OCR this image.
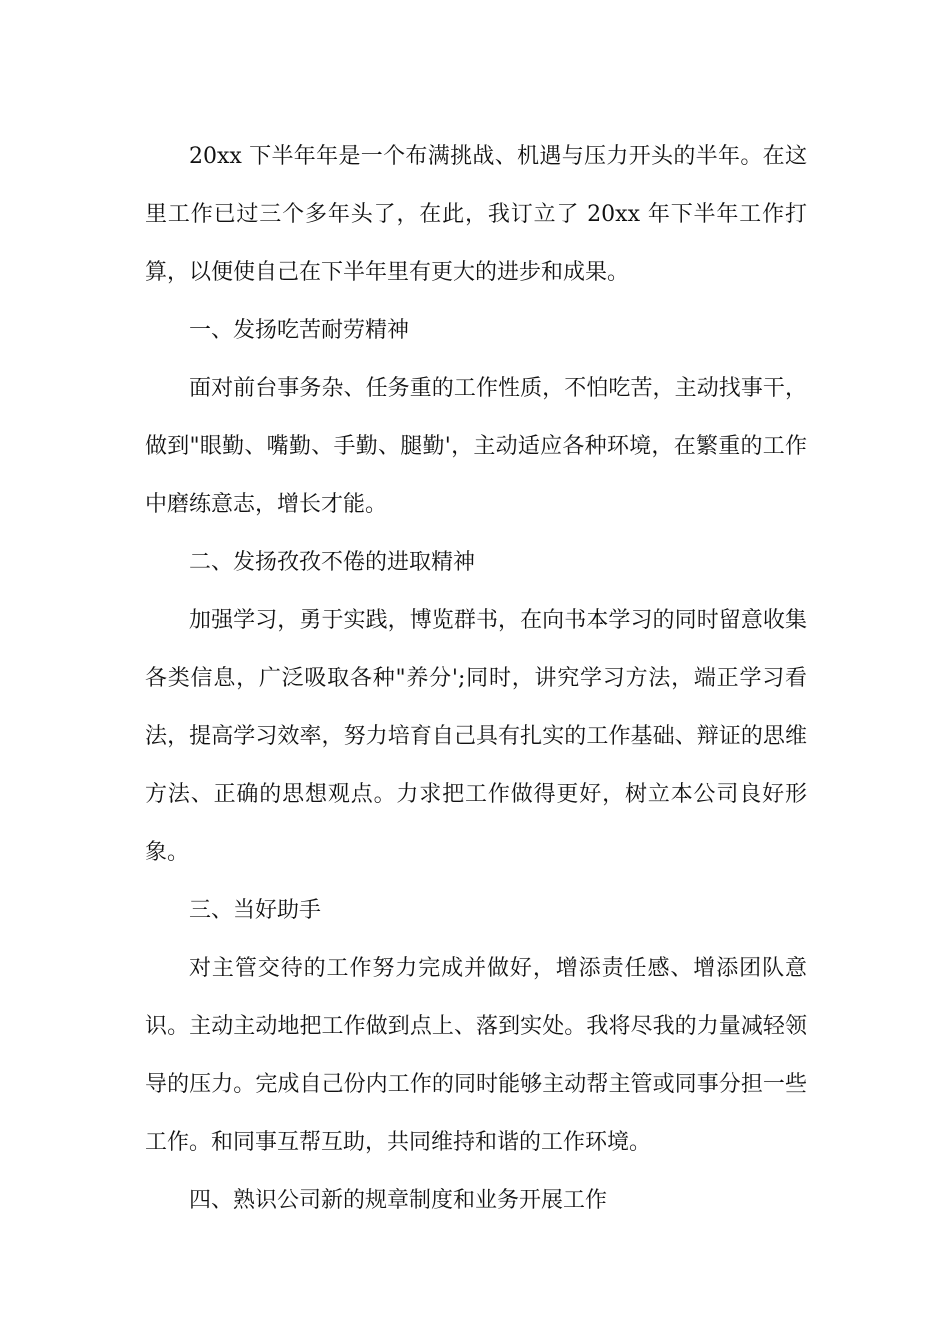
20xx 下半年年是一个布满挑战、机遇与压力开头的半年。在这里工作已过三个多年头了，在此，我订立了 20xx 年下半年工作打算，以便使自己在下半年里有更大的进步和成果。

一、发扬吃苦耐劳精神

面对前台事务杂、任务重的工作性质，不怕吃苦，主动找事干，做到"眼勤、嘴勤、手勤、腿勤'，主动适应各种环境，在繁重的工作中磨练意志，增长才能。

二、发扬孜孜不倦的进取精神

加强学习，勇于实践，博览群书，在向书本学习的同时留意收集各类信息，广泛吸取各种"养分';同时，讲究学习方法，端正学习看法，提高学习效率，努力培育自己具有扎实的工作基础、辩证的思维方法、正确的思想观点。力求把工作做得更好，树立本公司良好形象。

三、当好助手

对主管交待的工作努力完成并做好，增添责任感、增添团队意识。主动主动地把工作做到点上、落到实处。我将尽我的力量减轻领导的压力。完成自己份内工作的同时能够主动帮主管或同事分担一些工作。和同事互帮互助，共同维持和谐的工作环境。

四、熟识公司新的规章制度和业务开展工作
